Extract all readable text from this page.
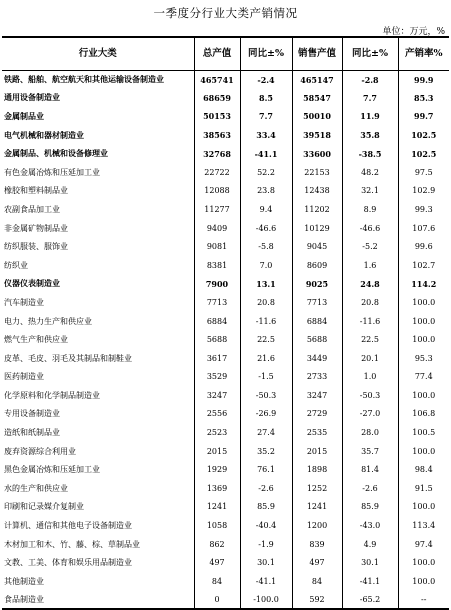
一季度分行业大类产销情况
单位：万元，%
行业大类	总产值	同比±%	销售产值	同比±%	产销率%
铁路、船舶、航空航天和其他运输设备制造业	465741	-2.4	465147	-2.8	99.9
通用设备制造业	68659	8.5	58547	7.7	85.3
金属制品业	50153	7.7	50010	11.9	99.7
电气机械和器材制造业	38563	33.4	39518	35.8	102.5
金属制品、机械和设备修理业	32768	-41.1	33600	-38.5	102.5
有色金属冶炼和压延加工业	22722	52.2	22153	48.2	97.5
橡胶和塑料制品业	12088	23.8	12438	32.1	102.9
农副食品加工业	11277	9.4	11202	8.9	99.3
非金属矿物制品业	9409	-46.6	10129	-46.6	107.6
纺织服装、服饰业	9081	-5.8	9045	-5.2	99.6
纺织业	8381	7.0	8609	1.6	102.7
仪器仪表制造业	7900	13.1	9025	24.8	114.2
汽车制造业	7713	20.8	7713	20.8	100.0
电力、热力生产和供应业	6884	-11.6	6884	-11.6	100.0
燃气生产和供应业	5688	22.5	5688	22.5	100.0
皮革、毛皮、羽毛及其制品和制鞋业	3617	21.6	3449	20.1	95.3
医药制造业	3529	-1.5	2733	1.0	77.4
化学原料和化学制品制造业	3247	-50.3	3247	-50.3	100.0
专用设备制造业	2556	-26.9	2729	-27.0	106.8
造纸和纸制品业	2523	27.4	2535	28.0	100.5
废弃资源综合利用业	2015	35.2	2015	35.7	100.0
黑色金属冶炼和压延加工业	1929	76.1	1898	81.4	98.4
水的生产和供应业	1369	-2.6	1252	-2.6	91.5
印刷和记录媒介复制业	1241	85.9	1241	85.9	100.0
计算机、通信和其他电子设备制造业	1058	-40.4	1200	-43.0	113.4
木材加工和木、竹、藤、棕、草制品业	862	-1.9	839	4.9	97.4
文教、工美、体育和娱乐用品制造业	497	30.1	497	30.1	100.0
其他制造业	84	-41.1	84	-41.1	100.0
食品制造业	0	-100.0	592	-65.2	--
